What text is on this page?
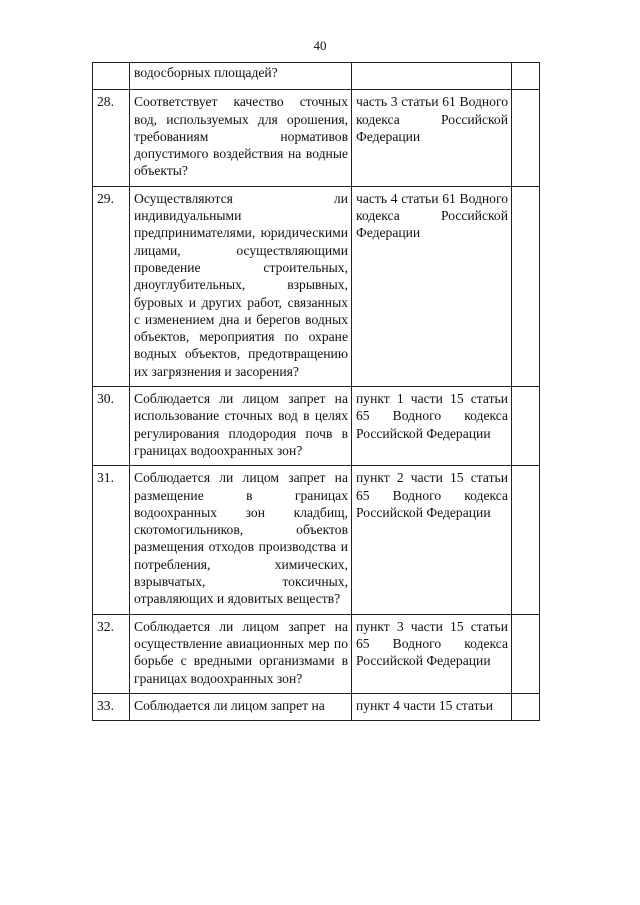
40
	водосборных площадей?		
28.	Соответствует качество сточных вод, используемых для орошения, требованиям нормативов допустимого воздействия на водные объекты?	часть 3 статьи 61 Водного кодекса Российской Федерации	
29.	Осуществляются ли индивидуальными предпринимателями, юридическими лицами, осуществляющими проведение строительных, дноуглубительных, взрывных, буровых и других работ, связанных с изменением дна и берегов водных объектов, мероприятия по охране водных объектов, предотвращению их загрязнения и засорения?	часть 4 статьи 61 Водного кодекса Российской Федерации	
30.	Соблюдается ли лицом запрет на использование сточных вод в целях регулирования плодородия почв в границах водоохранных зон?	пункт 1 части 15 статьи 65 Водного кодекса Российской Федерации	
31.	Соблюдается ли лицом запрет на размещение в границах водоохранных зон кладбищ, скотомогильников, объектов размещения отходов производства и потребления, химических, взрывчатых, токсичных, отравляющих и ядовитых веществ?	пункт 2 части 15 статьи 65 Водного кодекса Российской Федерации	
32.	Соблюдается ли лицом запрет на осуществление авиационных мер по борьбе с вредными организмами в границах водоохранных зон?	пункт 3 части 15 статьи 65 Водного кодекса Российской Федерации	
33.	Соблюдается ли лицом запрет на	пункт 4 части 15 статьи	
